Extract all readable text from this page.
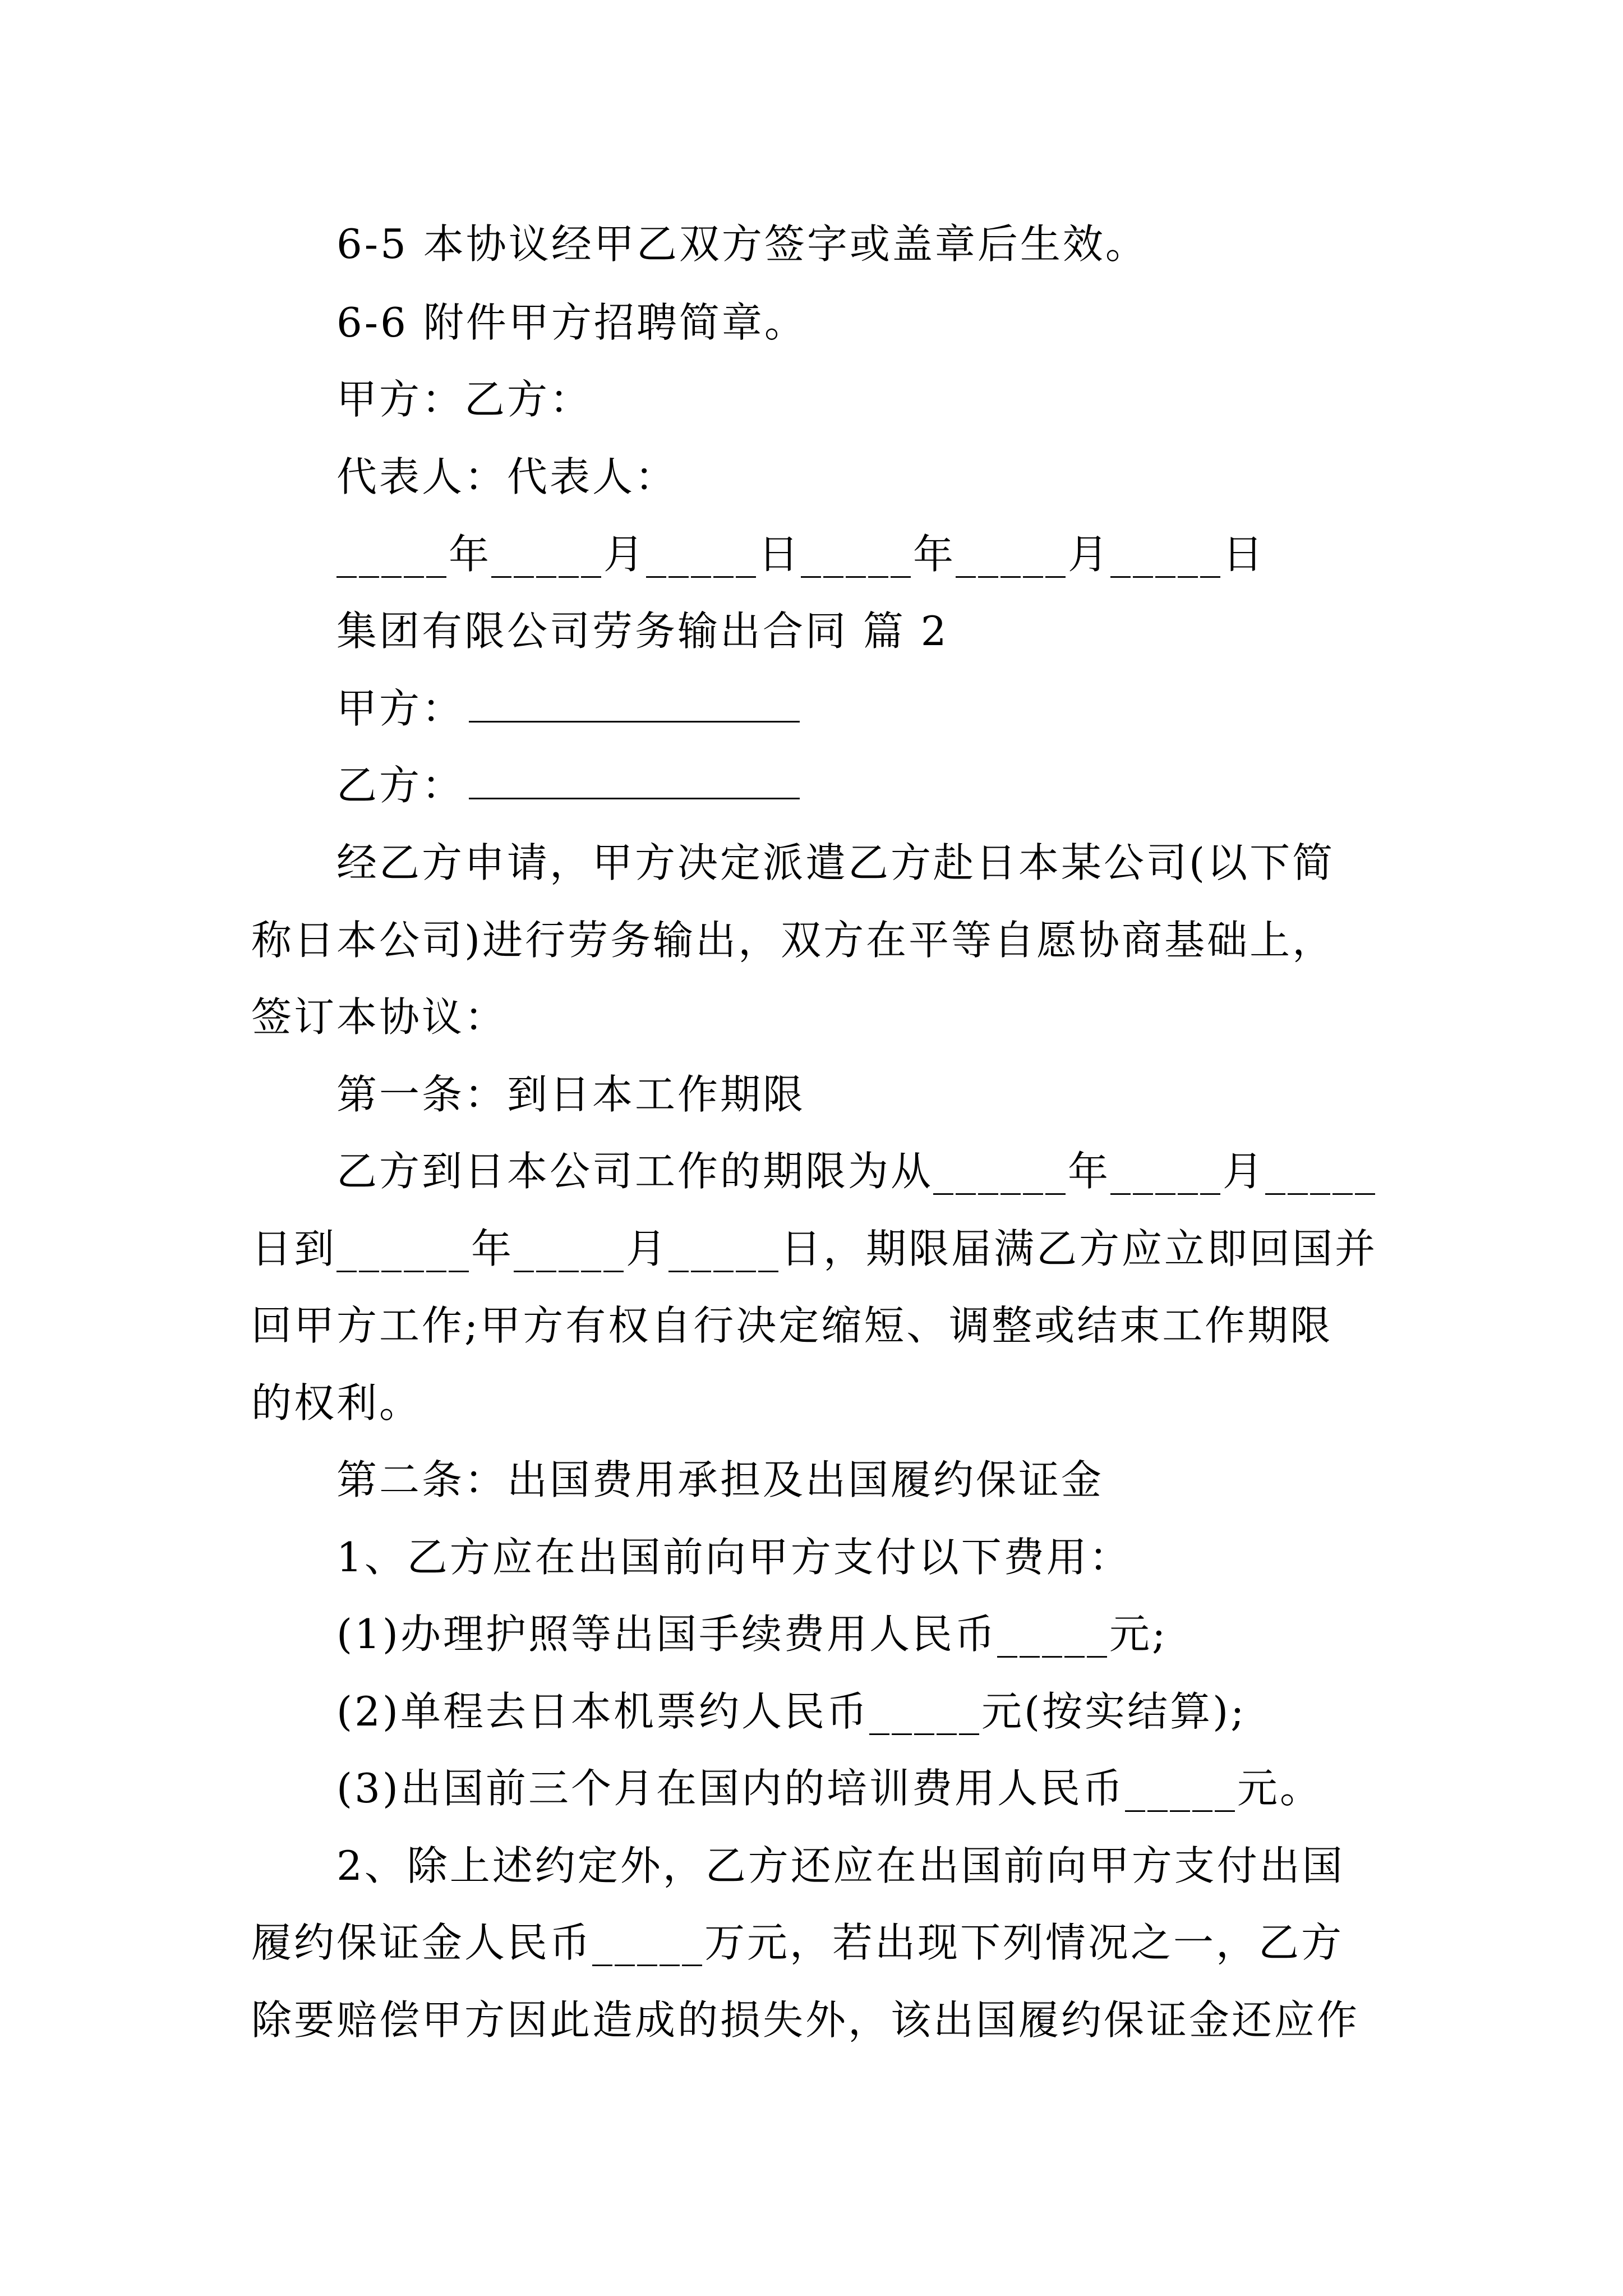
6-5 本协议经甲乙双方签字或盖章后生效。
6-6 附件甲方招聘简章。
甲方：乙方：
代表人：代表人：
_____年_____月_____日_____年_____月_____日
集团有限公司劳务输出合同 篇 2
甲方：
乙方：
经乙方申请，甲方决定派遣乙方赴日本某公司(以下简
称日本公司)进行劳务输出，双方在平等自愿协商基础上，
签订本协议：
第一条：到日本工作期限
乙方到日本公司工作的期限为从______年_____月_____
日到______年_____月_____日，期限届满乙方应立即回国并
回甲方工作;甲方有权自行决定缩短、调整或结束工作期限
的权利。
第二条：出国费用承担及出国履约保证金
1、乙方应在出国前向甲方支付以下费用：
(1)办理护照等出国手续费用人民币_____元;
(2)单程去日本机票约人民币_____元(按实结算);
(3)出国前三个月在国内的培训费用人民币_____元。
2、除上述约定外，乙方还应在出国前向甲方支付出国
履约保证金人民币_____万元，若出现下列情况之一，乙方
除要赔偿甲方因此造成的损失外，该出国履约保证金还应作
